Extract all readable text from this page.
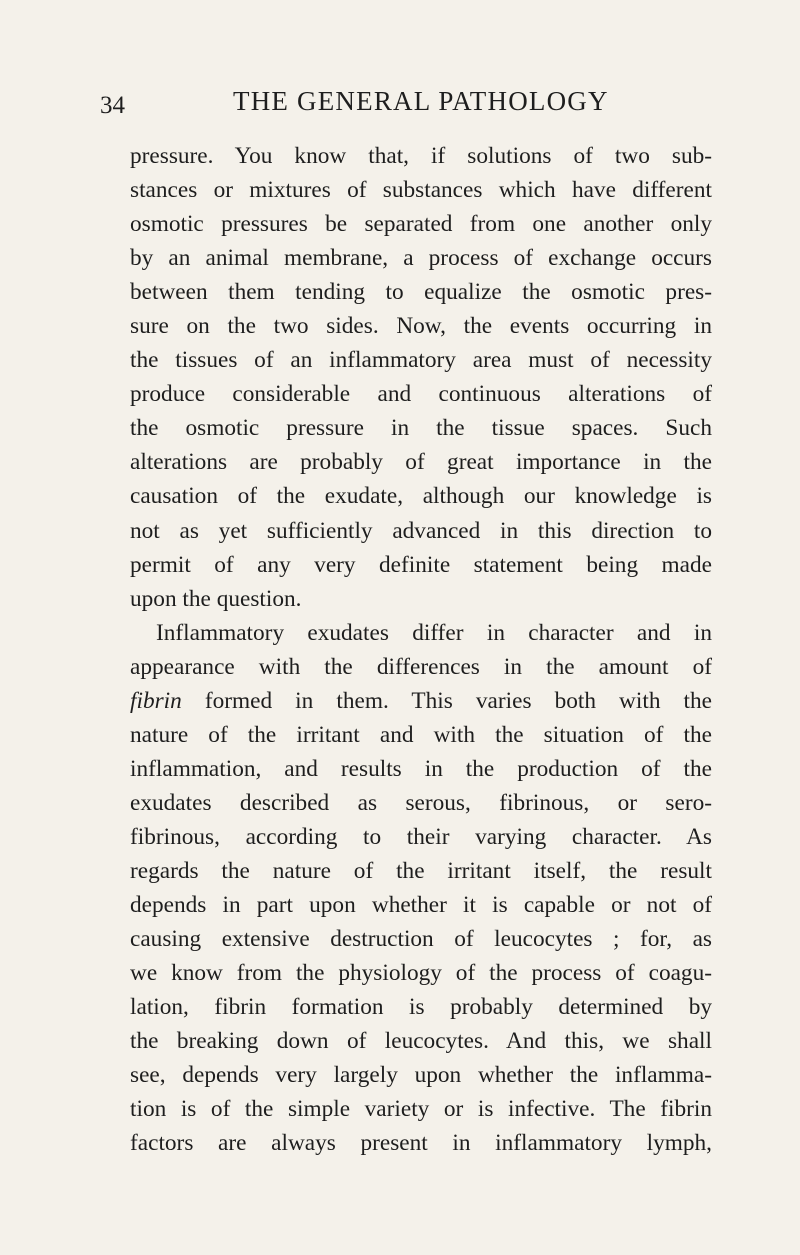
34	THE GENERAL PATHOLOGY
pressure. You know that, if solutions of two sub-
stances or mixtures of substances which have different
osmotic pressures be separated from one another only
by an animal membrane, a process of exchange occurs
between them tending to equalize the osmotic pres-
sure on the two sides. Now, the events occurring in
the tissues of an inflammatory area must of necessity
produce considerable and continuous alterations of
the osmotic pressure in the tissue spaces. Such
alterations are probably of great importance in the
causation of the exudate, although our knowledge is
not as yet sufficiently advanced in this direction to
permit of any very definite statement being made
upon the question.
Inflammatory exudates differ in character and in
appearance with the differences in the amount of
fibrin formed in them. This varies both with the
nature of the irritant and with the situation of the
inflammation, and results in the production of the
exudates described as serous, fibrinous, or sero-
fibrinous, according to their varying character. As
regards the nature of the irritant itself, the result
depends in part upon whether it is capable or not of
causing extensive destruction of leucocytes ; for, as
we know from the physiology of the process of coagu-
lation, fibrin formation is probably determined by
the breaking down of leucocytes. And this, we shall
see, depends very largely upon whether the inflamma-
tion is of the simple variety or is infective. The fibrin
factors are always present in inflammatory lymph,
